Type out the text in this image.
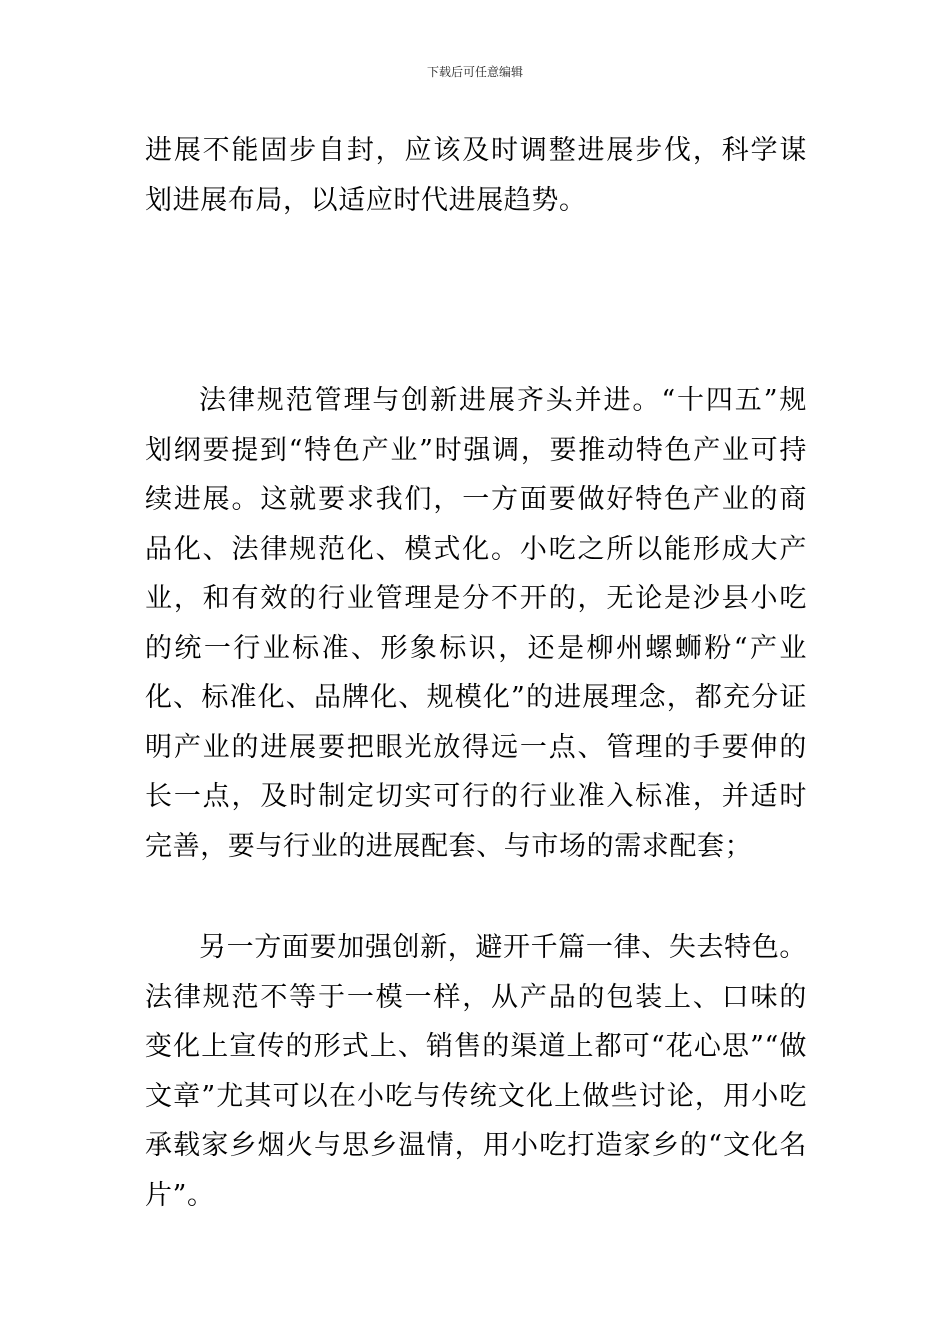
下载后可任意编辑

进展不能固步自封，应该及时调整进展步伐，科学谋划进展布局，以适应时代进展趋势。

法律规范管理与创新进展齐头并进。“十四五”规划纲要提到“特色产业”时强调，要推动特色产业可持续进展。这就要求我们，一方面要做好特色产业的商品化、法律规范化、模式化。小吃之所以能形成大产业，和有效的行业管理是分不开的，无论是沙县小吃的统一行业标准、形象标识，还是柳州螺蛳粉“产业化、标准化、品牌化、规模化”的进展理念，都充分证明产业的进展要把眼光放得远一点、管理的手要伸的长一点，及时制定切实可行的行业准入标准，并适时完善，要与行业的进展配套、与市场的需求配套；

另一方面要加强创新，避开千篇一律、失去特色。法律规范不等于一模一样，从产品的包装上、口味的变化上宣传的形式上、销售的渠道上都可“花心思”“做文章”尤其可以在小吃与传统文化上做些讨论，用小吃承载家乡烟火与思乡温情，用小吃打造家乡的“文化名片”。
